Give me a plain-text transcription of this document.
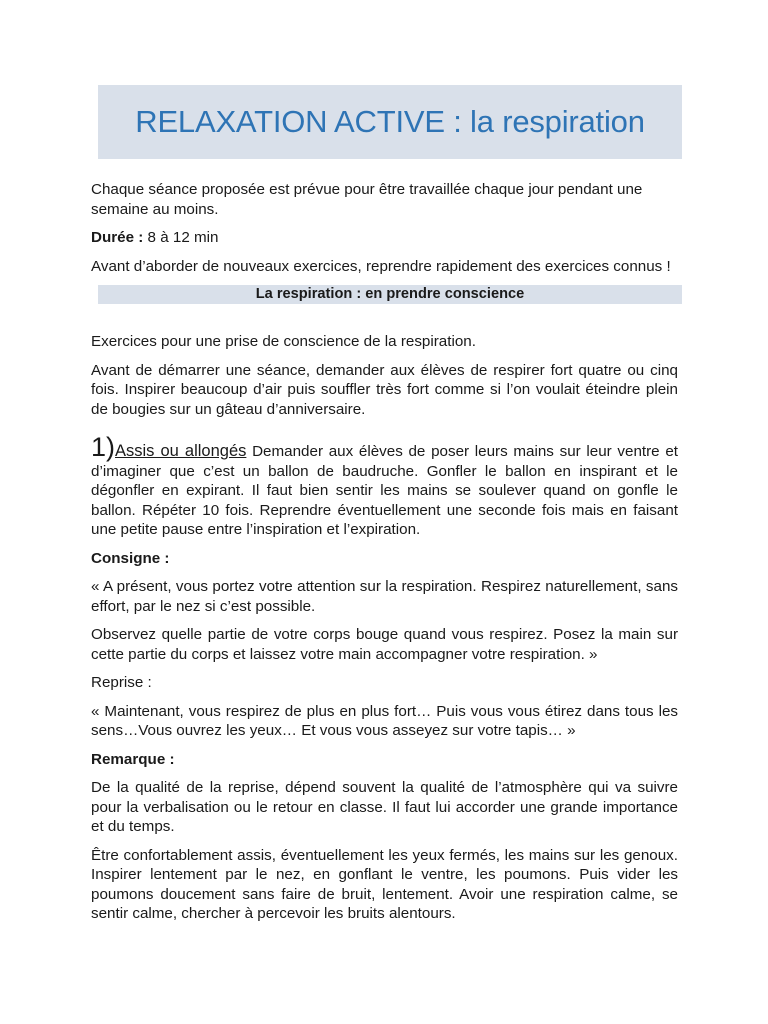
RELAXATION ACTIVE : la respiration

Chaque séance proposée est prévue pour être travaillée chaque jour pendant une semaine au moins.

Durée : 8 à 12 min

Avant d’aborder de nouveaux exercices, reprendre rapidement des exercices connus !

La respiration : en prendre conscience

Exercices pour une prise de conscience de la respiration.

Avant de démarrer une séance, demander aux élèves de respirer fort quatre ou cinq fois. Inspirer beaucoup d’air puis souffler très fort comme si l’on voulait éteindre plein de bougies sur un gâteau d’anniversaire.

1)Assis ou allongés Demander aux élèves de poser leurs mains sur leur ventre et d’imaginer que c’est un ballon de baudruche. Gonfler le ballon en inspirant et le dégonfler en expirant. Il faut bien sentir les mains se soulever quand on gonfle le ballon. Répéter 10 fois. Reprendre éventuellement une seconde fois mais en faisant une petite pause entre l’inspiration et l’expiration.

Consigne :

« A présent, vous portez votre attention sur la respiration. Respirez naturellement, sans effort, par le nez si c’est possible.

Observez quelle partie de votre corps bouge quand vous respirez. Posez la main sur cette partie du corps et laissez votre main accompagner votre respiration. »

Reprise :

« Maintenant, vous respirez de plus en plus fort… Puis vous vous étirez dans tous les sens…Vous ouvrez les yeux… Et vous vous asseyez sur votre tapis… »

Remarque :

De la qualité de la reprise, dépend souvent la qualité de l’atmosphère qui va suivre pour la verbalisation ou le retour en classe. Il faut lui accorder une grande importance et du temps.

Être confortablement assis, éventuellement les yeux fermés, les mains sur les genoux. Inspirer lentement par le nez, en gonflant le ventre, les poumons. Puis vider les poumons doucement sans faire de bruit, lentement. Avoir une respiration calme, se sentir calme, chercher à percevoir les bruits alentours.
